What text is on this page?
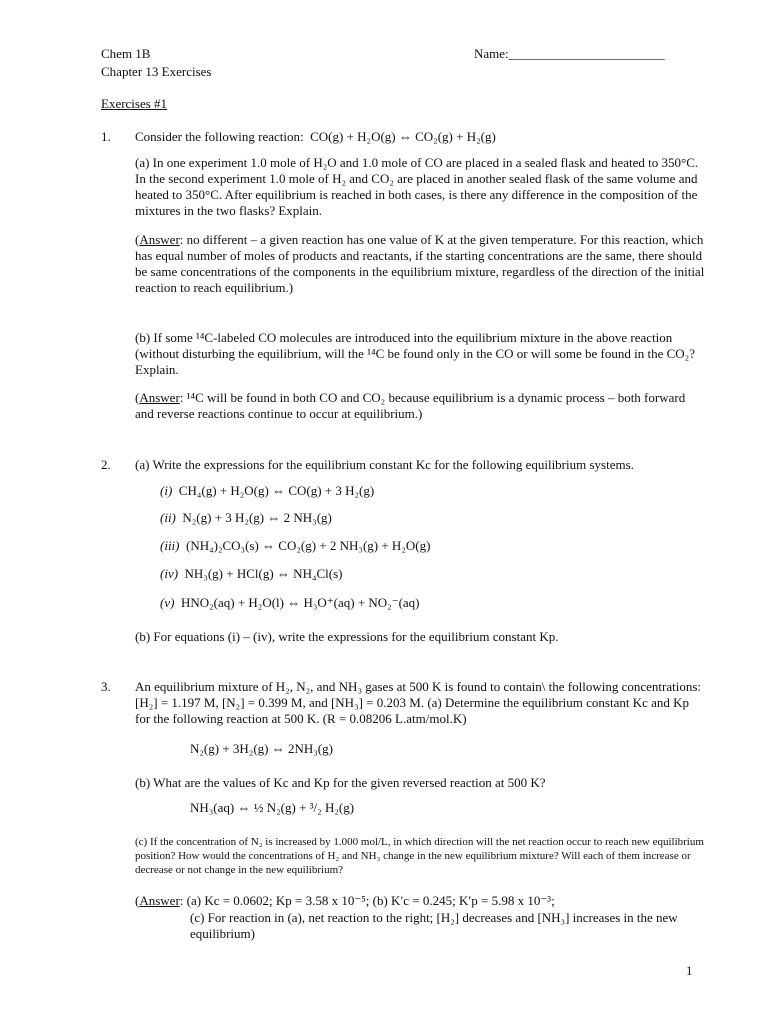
Chem 1B
Chapter 13 Exercises
Name:________________________
Exercises #1
1. Consider the following reaction: CO(g) + H₂O(g) ⇔ CO₂(g) + H₂(g)
(a) In one experiment 1.0 mole of H₂O and 1.0 mole of CO are placed in a sealed flask and heated to 350°C. In the second experiment 1.0 mole of H₂ and CO₂ are placed in another sealed flask of the same volume and heated to 350°C. After equilibrium is reached in both cases, is there any difference in the composition of the mixtures in the two flasks? Explain.
(Answer: no different – a given reaction has one value of K at the given temperature. For this reaction, which has equal number of moles of products and reactants, if the starting concentrations are the same, there should be same concentrations of the components in the equilibrium mixture, regardless of the direction of the initial reaction to reach equilibrium.)
(b) If some ¹⁴C-labeled CO molecules are introduced into the equilibrium mixture in the above reaction (without disturbing the equilibrium, will the ¹⁴C be found only in the CO or will some be found in the CO₂? Explain.
(Answer: ¹⁴C will be found in both CO and CO₂ because equilibrium is a dynamic process – both forward and reverse reactions continue to occur at equilibrium.)
2. (a) Write the expressions for the equilibrium constant Kc for the following equilibrium systems.
(i) CH₄(g) + H₂O(g) ⇔ CO(g) + 3 H₂(g)
(ii) N₂(g) + 3 H₂(g) ⇔ 2 NH₃(g)
(iii) (NH₄)₂CO₃(s) ⇔ CO₂(g) + 2 NH₃(g) + H₂O(g)
(iv) NH₃(g) + HCl(g) ⇔ NH₄Cl(s)
(v) HNO₂(aq) + H₂O(l) ⇔ H₃O⁺(aq) + NO₂⁻(aq)
(b) For equations (i) – (iv), write the expressions for the equilibrium constant Kp.
3. An equilibrium mixture of H₂, N₂, and NH₃ gases at 500 K is found to contain\ the following concentrations: [H₂] = 1.197 M, [N₂] = 0.399 M, and [NH₃] = 0.203 M. (a) Determine the equilibrium constant Kc and Kp for the following reaction at 500 K. (R = 0.08206 L.atm/mol.K)
N₂(g) + 3H₂(g) ⇔ 2NH₃(g)
(b) What are the values of Kc and Kp for the given reversed reaction at 500 K?
NH₃(aq) ⇔ ½ N₂(g) + ³/₂ H₂(g)
(c) If the concentration of N₂ is increased by 1.000 mol/L, in which direction will the net reaction occur to reach new equilibrium position? How would the concentrations of H₂ and NH₃ change in the new equilibrium mixture? Will each of them increase or decrease or not change in the new equilibrium?
(Answer: (a) Kc = 0.0602; Kp = 3.58 x 10⁻⁵; (b) K′c = 0.245; K′p = 5.98 x 10⁻³;
(c) For reaction in (a), net reaction to the right; [H₂] decreases and [NH₃] increases in the new equilibrium)
1
